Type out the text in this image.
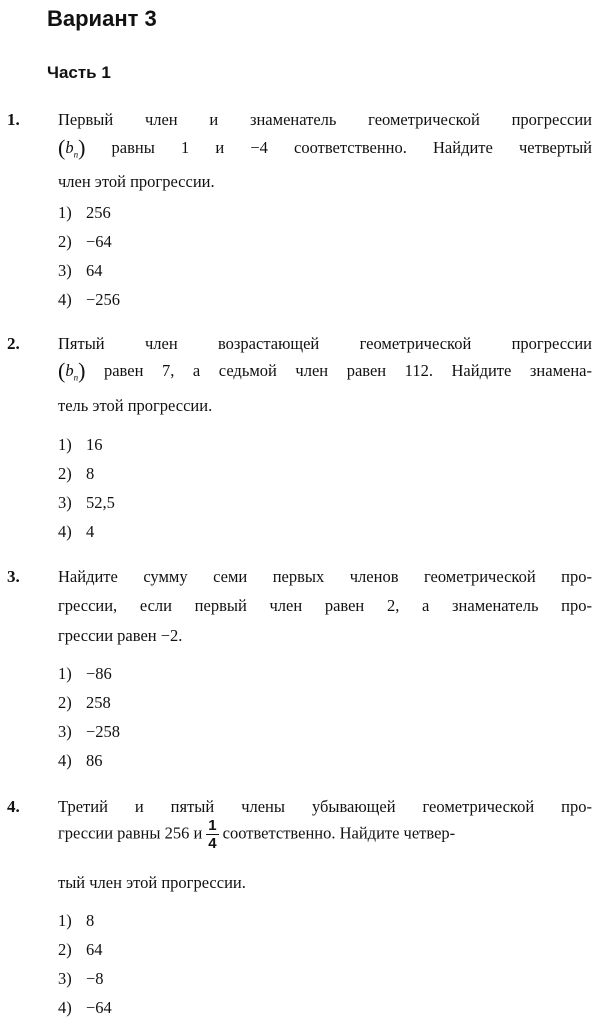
Вариант 3
Часть 1
1. Первый член и знаменатель геометрической прогрессии
$(b_n)$ равны 1 и −4 соответственно. Найдите четвертый
член этой прогрессии.
1) 256
2) −64
3) 64
4) −256
2. Пятый член возрастающей геометрической прогрессии
$(b_n)$ равен 7, а седьмой член равен 112. Найдите знамена-
тель этой прогрессии.
1) 16
2) 8
3) 52,5
4) 4
3. Найдите сумму семи первых членов геометрической про-
грессии, если первый член равен 2, а знаменатель про-
грессии равен −2.
1) −86
2) 258
3) −258
4) 86
4. Третий и пятый члены убывающей геометрической про-
грессии равны 256 и $\frac{1}{4}$ соответственно. Найдите четвер-
тый член этой прогрессии.
1) 8
2) 64
3) −8
4) −64
